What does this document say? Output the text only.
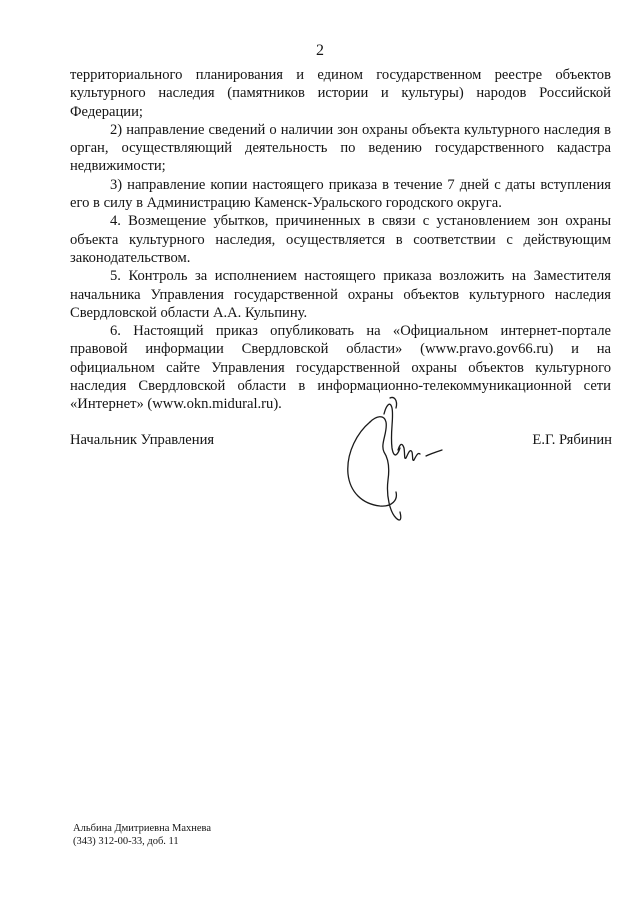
2

территориального планирования и едином государственном реестре объектов культурного наследия (памятников истории и культуры) народов Российской Федерации;

2) направление сведений о наличии зон охраны объекта культурного наследия в орган, осуществляющий деятельность по ведению государственного кадастра недвижимости;

3) направление копии настоящего приказа в течение 7 дней с даты вступления его в силу в Администрацию Каменск-Уральского городского округа.

4. Возмещение убытков, причиненных в связи с установлением зон охраны объекта культурного наследия, осуществляется в соответствии с действующим законодательством.

5. Контроль за исполнением настоящего приказа возложить на Заместителя начальника Управления государственной охраны объектов культурного наследия Свердловской области А.А. Кульпину.

6. Настоящий приказ опубликовать на «Официальном интернет-портале правовой информации Свердловской области» (www.pravo.gov66.ru) и на официальном сайте Управления государственной охраны объектов культурного наследия Свердловской области в информационно-телекоммуникационной сети «Интернет» (www.okn.midural.ru).

Начальник Управления	Е.Г. Рябинин
Альбина Дмитриевна Махнева
(343) 312-00-33, доб. 11
